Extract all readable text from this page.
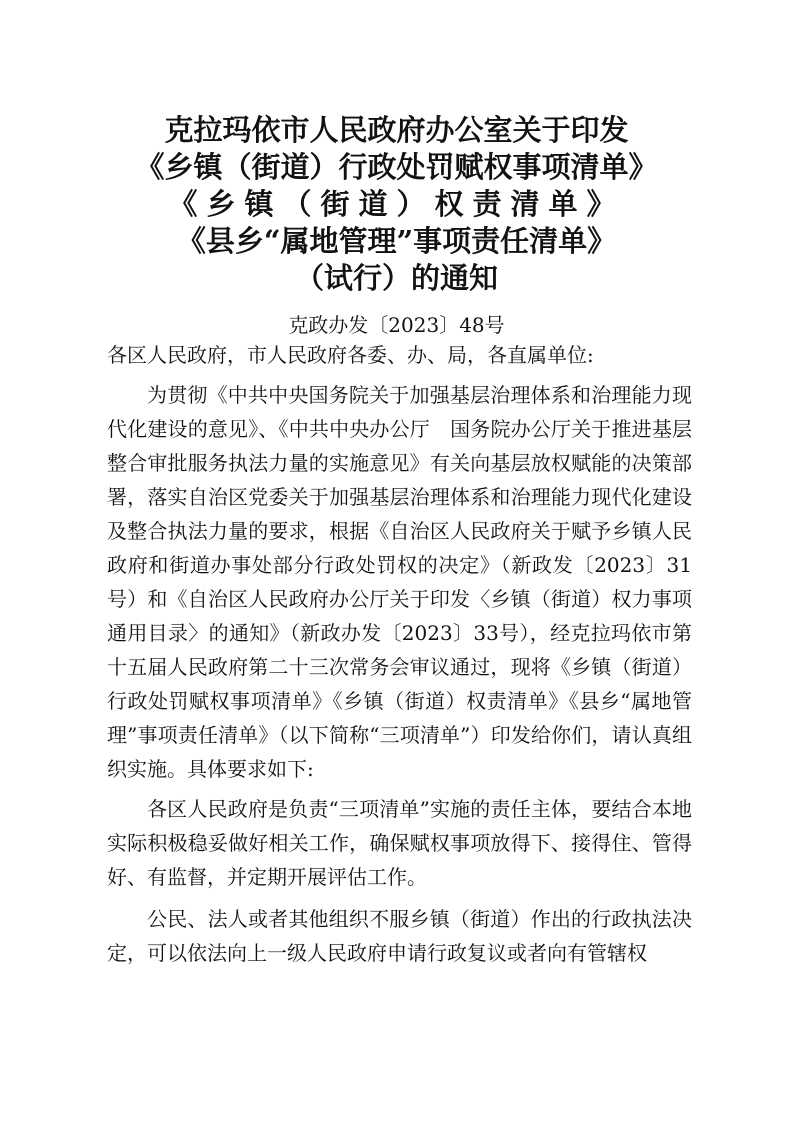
克拉玛依市人民政府办公室关于印发
《乡镇（街道）行政处罚赋权事项清单》
《乡镇（街道）权责清单》
《县乡“属地管理”事项责任清单》
（试行）的通知
克政办发〔2023〕48号

各区人民政府，市人民政府各委、办、局，各直属单位:

为贯彻《中共中央国务院关于加强基层治理体系和治理能力现代化建设的意见》、《中共中央办公厅　国务院办公厅关于推进基层整合审批服务执法力量的实施意见》有关向基层放权赋能的决策部署，落实自治区党委关于加强基层治理体系和治理能力现代化建设及整合执法力量的要求，根据《自治区人民政府关于赋予乡镇人民政府和街道办事处部分行政处罚权的决定》（新政发〔2023〕31号）和《自治区人民政府办公厅关于印发〈乡镇（街道）权力事项通用目录〉的通知》（新政办发〔2023〕33号），经克拉玛依市第十五届人民政府第二十三次常务会审议通过，现将《乡镇（街道）行政处罚赋权事项清单》《乡镇（街道）权责清单》《县乡“属地管理”事项责任清单》（以下简称“三项清单”）印发给你们，请认真组织实施。具体要求如下:

各区人民政府是负责“三项清单”实施的责任主体，要结合本地实际积极稳妥做好相关工作，确保赋权事项放得下、接得住、管得好、有监督，并定期开展评估工作。

公民、法人或者其他组织不服乡镇（街道）作出的行政执法决定，可以依法向上一级人民政府申请行政复议或者向有管辖权
